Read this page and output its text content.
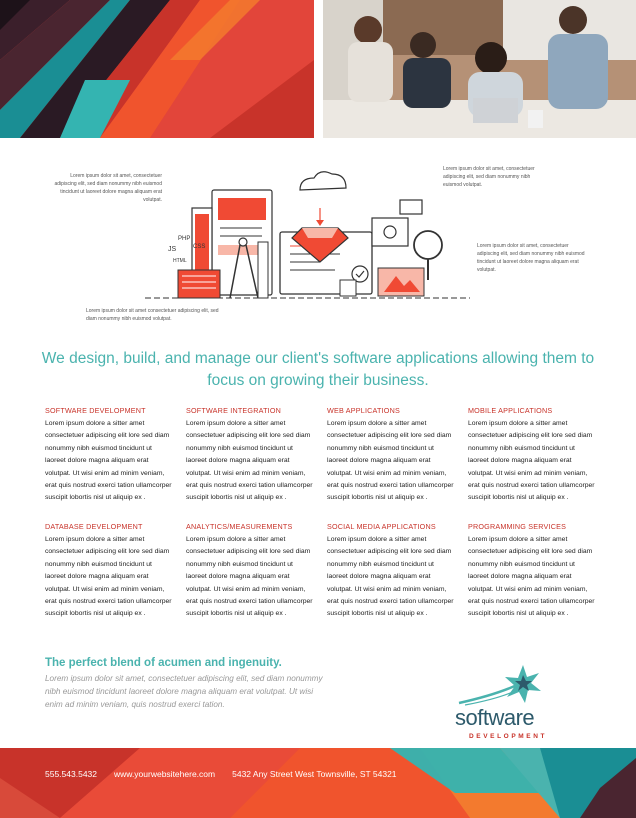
PHP
CSS
JS
HTML
Lorem ipsum dolor sit amet, consectetuer adipiscing elit, sed diam nonummy nibh euismod tincidunt ut laoreet dolore magna aliquam erat volutpat.
Lorem ipsum dolor sit amet, consectetuer adipiscing elit, sed diam nonummy nibh euismod volutpat.
Lorem ipsum dolor sit amet, consectetuer adipiscing elit, sed diam nonummy nibh euismod tincidunt ut laoreet dolore magna aliquam erat volutpat.
Lorem ipsum dolor sit amet consectetuer adipiscing elit, sed diam nonummy nibh euismod volutpat.
We design, build, and manage our client's software applications allowing them to focus on growing their business.
SOFTWARE DEVELOPMENT

Lorem ipsum dolore a sitter amet consectetuer adipiscing elit lore sed diam nonummy nibh euismod tincidunt ut laoreet dolore magna aliquam erat volutpat. Ut wisi enim ad minim veniam, erat quis nostrud exerci tation ullamcorper suscipit lobortis nisl ut aliquip ex .

SOFTWARE INTEGRATION

Lorem ipsum dolore a sitter amet consectetuer adipiscing elit lore sed diam nonummy nibh euismod tincidunt ut laoreet dolore magna aliquam erat volutpat. Ut wisi enim ad minim veniam, erat quis nostrud exerci tation ullamcorper suscipit lobortis nisl ut aliquip ex .

WEB APPLICATIONS

Lorem ipsum dolore a sitter amet consectetuer adipiscing elit lore sed diam nonummy nibh euismod tincidunt ut laoreet dolore magna aliquam erat volutpat. Ut wisi enim ad minim veniam, erat quis nostrud exerci tation ullamcorper suscipit lobortis nisl ut aliquip ex .

MOBILE APPLICATIONS

Lorem ipsum dolore a sitter amet consectetuer adipiscing elit lore sed diam nonummy nibh euismod tincidunt ut laoreet dolore magna aliquam erat volutpat. Ut wisi enim ad minim veniam, erat quis nostrud exerci tation ullamcorper suscipit lobortis nisl ut aliquip ex .

DATABASE DEVELOPMENT

Lorem ipsum dolore a sitter amet consectetuer adipiscing elit lore sed diam nonummy nibh euismod tincidunt ut laoreet dolore magna aliquam erat volutpat. Ut wisi enim ad minim veniam, erat quis nostrud exerci tation ullamcorper suscipit lobortis nisl ut aliquip ex .

ANALYTICS/MEASUREMENTS

Lorem ipsum dolore a sitter amet consectetuer adipiscing elit lore sed diam nonummy nibh euismod tincidunt ut laoreet dolore magna aliquam erat volutpat. Ut wisi enim ad minim veniam, erat quis nostrud exerci tation ullamcorper suscipit lobortis nisl ut aliquip ex .

SOCIAL MEDIA APPLICATIONS

Lorem ipsum dolore a sitter amet consectetuer adipiscing elit lore sed diam nonummy nibh euismod tincidunt ut laoreet dolore magna aliquam erat volutpat. Ut wisi enim ad minim veniam, erat quis nostrud exerci tation ullamcorper suscipit lobortis nisl ut aliquip ex .

PROGRAMMING SERVICES

Lorem ipsum dolore a sitter amet consectetuer adipiscing elit lore sed diam nonummy nibh euismod tincidunt ut laoreet dolore magna aliquam erat volutpat. Ut wisi enim ad minim veniam, erat quis nostrud exerci tation ullamcorper suscipit lobortis nisl ut aliquip ex .

The perfect blend of acumen and ingenuity.
Lorem ipsum dolor sit amet, consectetuer adipiscing elit, sed diam nonummy nibh euismod tincidunt laoreet dolore magna aliquam erat volutpat. Ut wisi enim ad minim veniam, quis nostrud exerci tation.
software
DEVELOPMENT
555.543.5432 www.yourwebsitehere.com 5432 Any Street West Townsville, ST 54321
